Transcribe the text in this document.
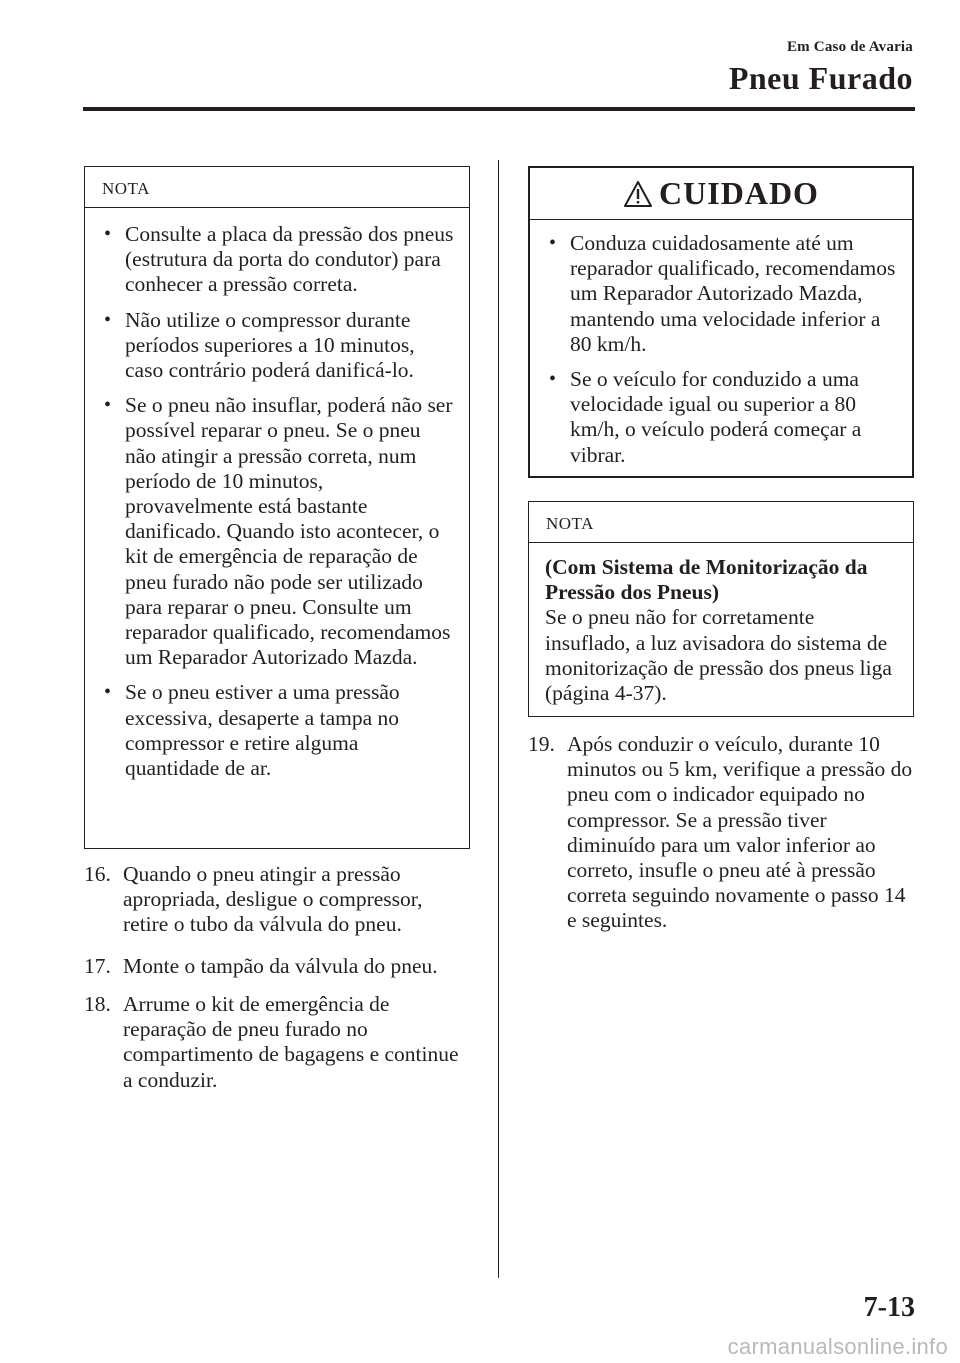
Em Caso de Avaria
Pneu Furado
NOTA
• Consulte a placa da pressão dos pneus (estrutura da porta do condutor) para conhecer a pressão correta.
• Não utilize o compressor durante períodos superiores a 10 minutos, caso contrário poderá danificá-lo.
• Se o pneu não insuflar, poderá não ser possível reparar o pneu. Se o pneu não atingir a pressão correta, num período de 10 minutos, provavelmente está bastante danificado. Quando isto acontecer, o kit de emergência de reparação de pneu furado não pode ser utilizado para reparar o pneu. Consulte um reparador qualificado, recomendamos um Reparador Autorizado Mazda.
• Se o pneu estiver a uma pressão excessiva, desaperte a tampa no compressor e retire alguma quantidade de ar.
16. Quando o pneu atingir a pressão apropriada, desligue o compressor, retire o tubo da válvula do pneu.
17. Monte o tampão da válvula do pneu.
18. Arrume o kit de emergência de reparação de pneu furado no compartimento de bagagens e continue a conduzir.
CUIDADO
• Conduza cuidadosamente até um reparador qualificado, recomendamos um Reparador Autorizado Mazda, mantendo uma velocidade inferior a 80 km/h.
• Se o veículo for conduzido a uma velocidade igual ou superior a 80 km/h, o veículo poderá começar a vibrar.
NOTA
(Com Sistema de Monitorização da Pressão dos Pneus)
Se o pneu não for corretamente insuflado, a luz avisadora do sistema de monitorização de pressão dos pneus liga (página 4-37).
19. Após conduzir o veículo, durante 10 minutos ou 5 km, verifique a pressão do pneu com o indicador equipado no compressor. Se a pressão tiver diminuído para um valor inferior ao correto, insufle o pneu até à pressão correta seguindo novamente o passo 14 e seguintes.
7-13
carmanualsonline.info
